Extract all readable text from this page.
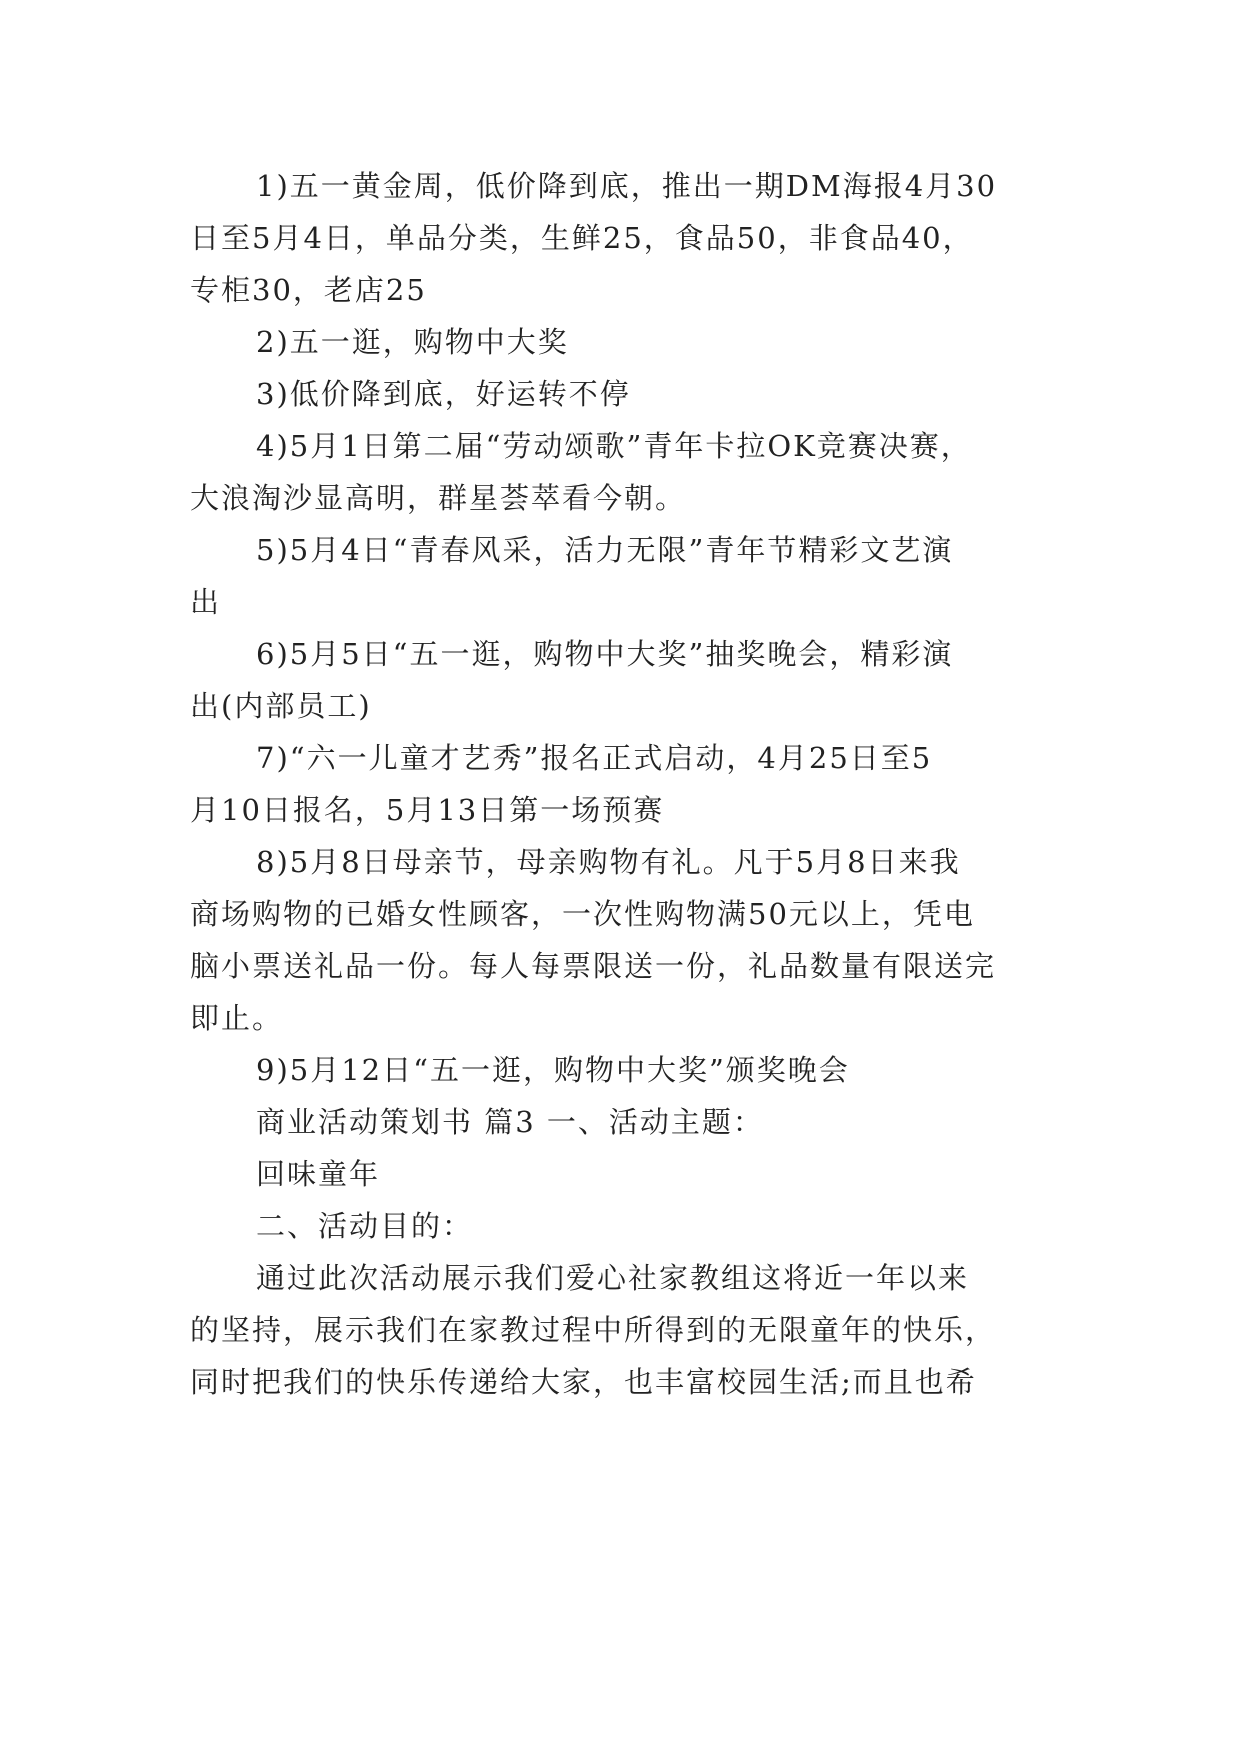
1)五一黄金周，低价降到底，推出一期DM海报4月30
日至5月4日，单品分类，生鲜25，食品50，非食品40，
专柜30，老店25
2)五一逛，购物中大奖
3)低价降到底，好运转不停
4)5月1日第二届“劳动颂歌”青年卡拉OK竞赛决赛，
大浪淘沙显高明，群星荟萃看今朝。
5)5月4日“青春风采，活力无限”青年节精彩文艺演
出
6)5月5日“五一逛，购物中大奖”抽奖晚会，精彩演
出(内部员工)
7)“六一儿童才艺秀”报名正式启动，4月25日至5
月10日报名，5月13日第一场预赛
8)5月8日母亲节，母亲购物有礼。凡于5月8日来我
商场购物的已婚女性顾客，一次性购物满50元以上，凭电
脑小票送礼品一份。每人每票限送一份，礼品数量有限送完
即止。
9)5月12日“五一逛，购物中大奖”颁奖晚会
商业活动策划书 篇3 一、活动主题：
回味童年
二、活动目的：
通过此次活动展示我们爱心社家教组这将近一年以来
的坚持，展示我们在家教过程中所得到的无限童年的快乐，
同时把我们的快乐传递给大家，也丰富校园生活;而且也希
